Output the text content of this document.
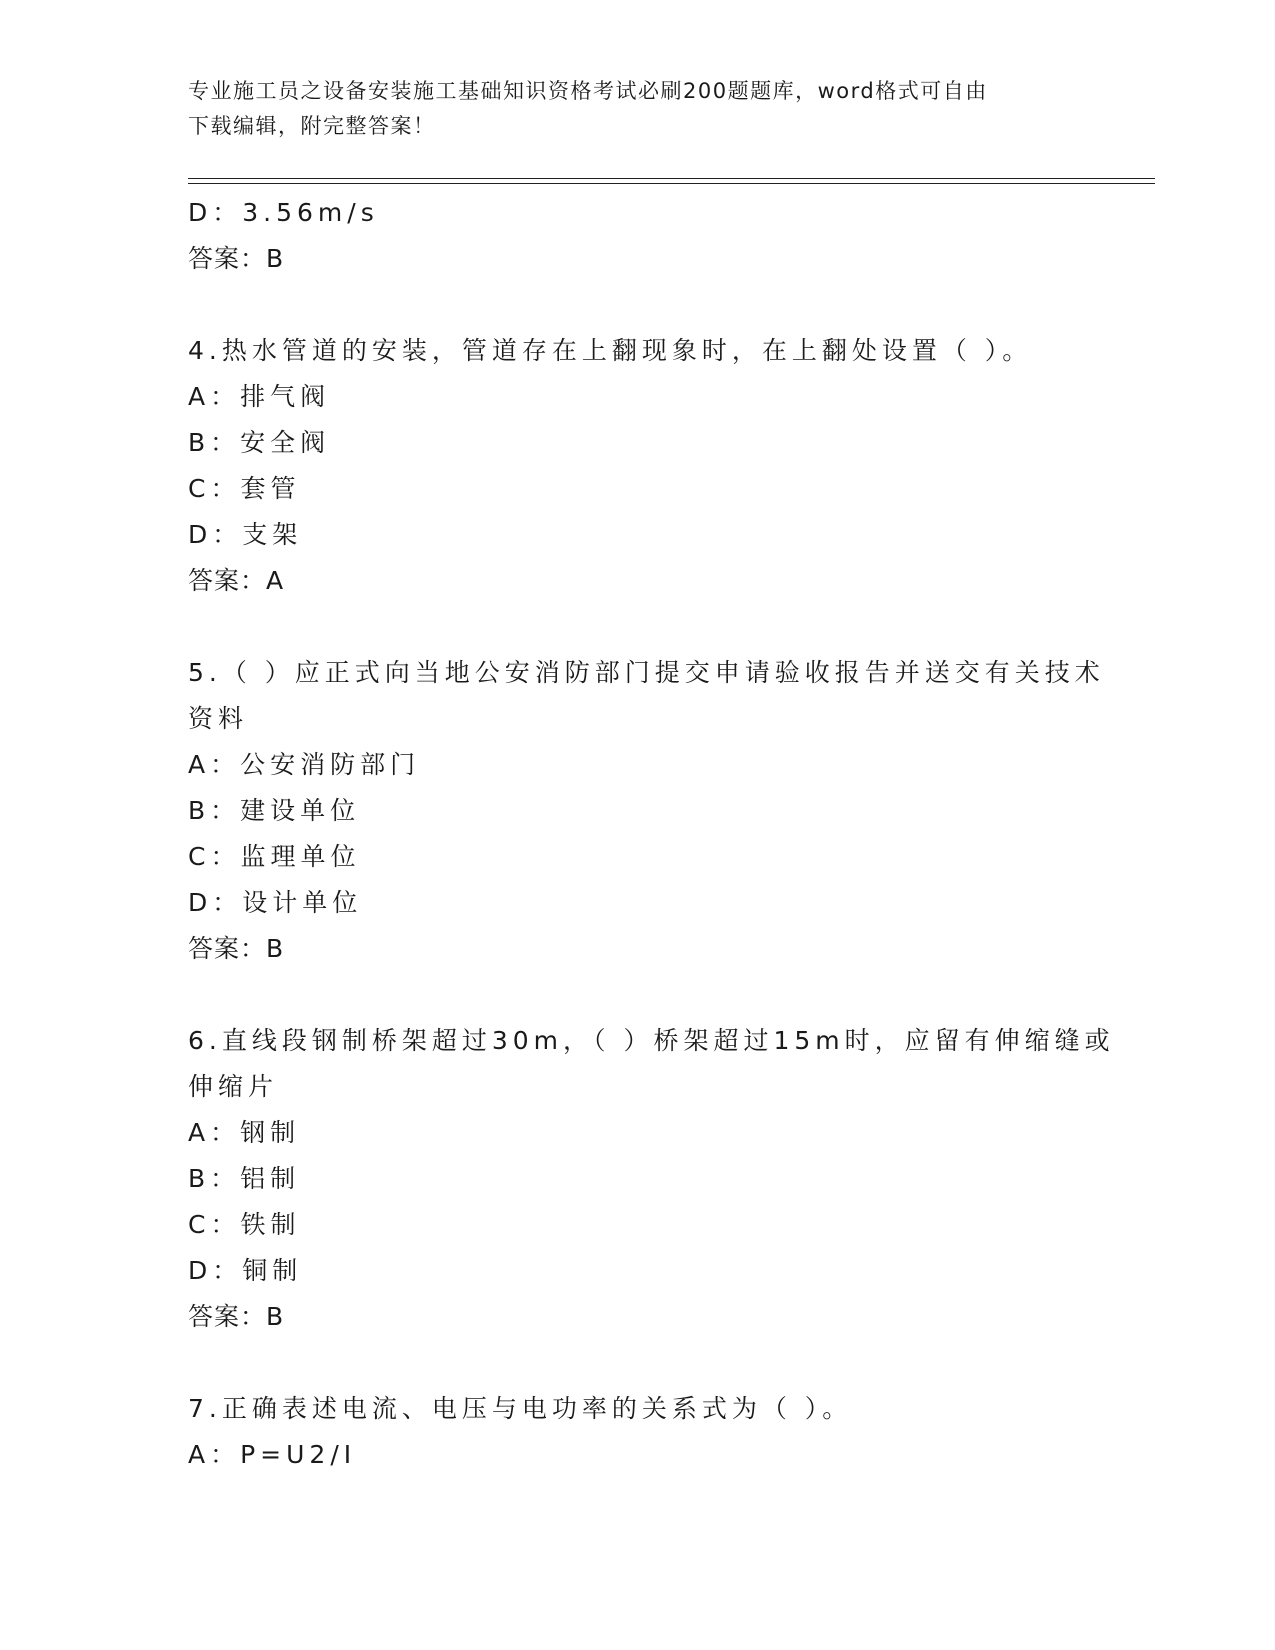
专业施工员之设备安装施工基础知识资格考试必刷200题题库，word格式可自由
下载编辑，附完整答案！
D：3.56m/s
答案：B
4.热水管道的安装，管道存在上翻现象时，在上翻处设置（ ）。
A：排气阀
B：安全阀
C：套管
D：支架
答案：A
5.（ ）应正式向当地公安消防部门提交申请验收报告并送交有关技术
资料
A：公安消防部门
B：建设单位
C：监理单位
D：设计单位
答案：B
6.直线段钢制桥架超过30m，（ ）桥架超过15m时，应留有伸缩缝或
伸缩片
A：钢制
B：铝制
C：铁制
D：铜制
答案：B
7.正确表述电流、电压与电功率的关系式为（ ）。
A：P=U2/I
